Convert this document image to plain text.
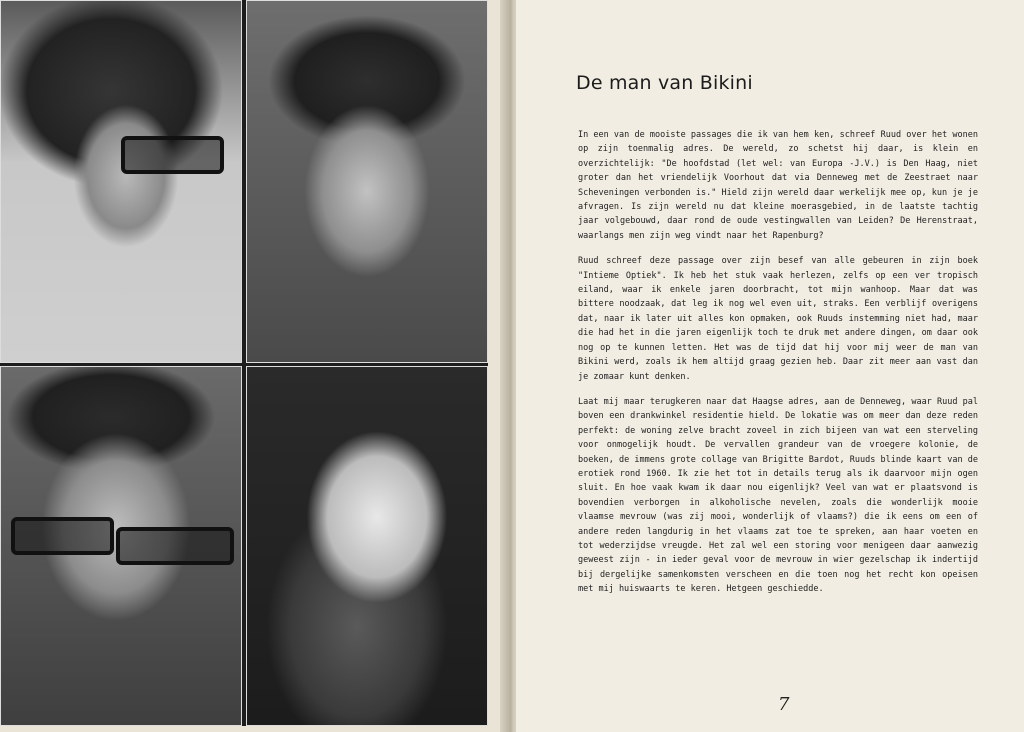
De man van Bikini

In een van de mooiste passages die ik van hem ken, schreef Ruud over het wonen op zijn toenmalig adres. De wereld, zo schetst hij daar, is klein en overzichtelijk: "De hoofdstad (let wel: van Europa -J.V.) is Den Haag, niet groter dan het vriendelijk Voorhout dat via Denneweg met de Zeestraet naar Scheveningen verbonden is." Hield zijn wereld daar werkelijk mee op, kun je je afvragen. Is zijn wereld nu dat kleine moerasgebied, in de laatste tachtig jaar volgebouwd, daar rond de oude vestingwallen van Leiden? De Herenstraat, waarlangs men zijn weg vindt naar het Rapenburg?

Ruud schreef deze passage over zijn besef van alle gebeuren in zijn boek "Intieme Optiek". Ik heb het stuk vaak herlezen, zelfs op een ver tropisch eiland, waar ik enkele jaren doorbracht, tot mijn wanhoop. Maar dat was bittere noodzaak, dat leg ik nog wel even uit, straks. Een verblijf overigens dat, naar ik later uit alles kon opmaken, ook Ruuds instemming niet had, maar die had het in die jaren eigenlijk toch te druk met andere dingen, om daar ook nog op te kunnen letten. Het was de tijd dat hij voor mij weer de man van Bikini werd, zoals ik hem altijd graag gezien heb. Daar zit meer aan vast dan je zomaar kunt denken.

Laat mij maar terugkeren naar dat Haagse adres, aan de Denneweg, waar Ruud pal boven een drankwinkel residentie hield. De lokatie was om meer dan deze reden perfekt: de woning zelve bracht zoveel in zich bijeen van wat een sterveling voor onmogelijk houdt. De vervallen grandeur van de vroegere kolonie, de boeken, de immens grote collage van Brigitte Bardot, Ruuds blinde kaart van de erotiek rond 1960. Ik zie het tot in details terug als ik daarvoor mijn ogen sluit. En hoe vaak kwam ik daar nou eigenlijk? Veel van wat er plaatsvond is bovendien verborgen in alkoholische nevelen, zoals die wonderlijk mooie vlaamse mevrouw (was zij mooi, wonderlijk of vlaams?) die ik eens om een of andere reden langdurig in het vlaams zat toe te spreken, aan haar voeten en tot wederzijdse vreugde. Het zal wel een storing voor menigeen daar aanwezig geweest zijn - in ieder geval voor de mevrouw in wier gezelschap ik indertijd bij dergelijke samenkomsten verscheen en die toen nog het recht kon opeisen met mij huiswaarts te keren. Hetgeen geschiedde.

7
